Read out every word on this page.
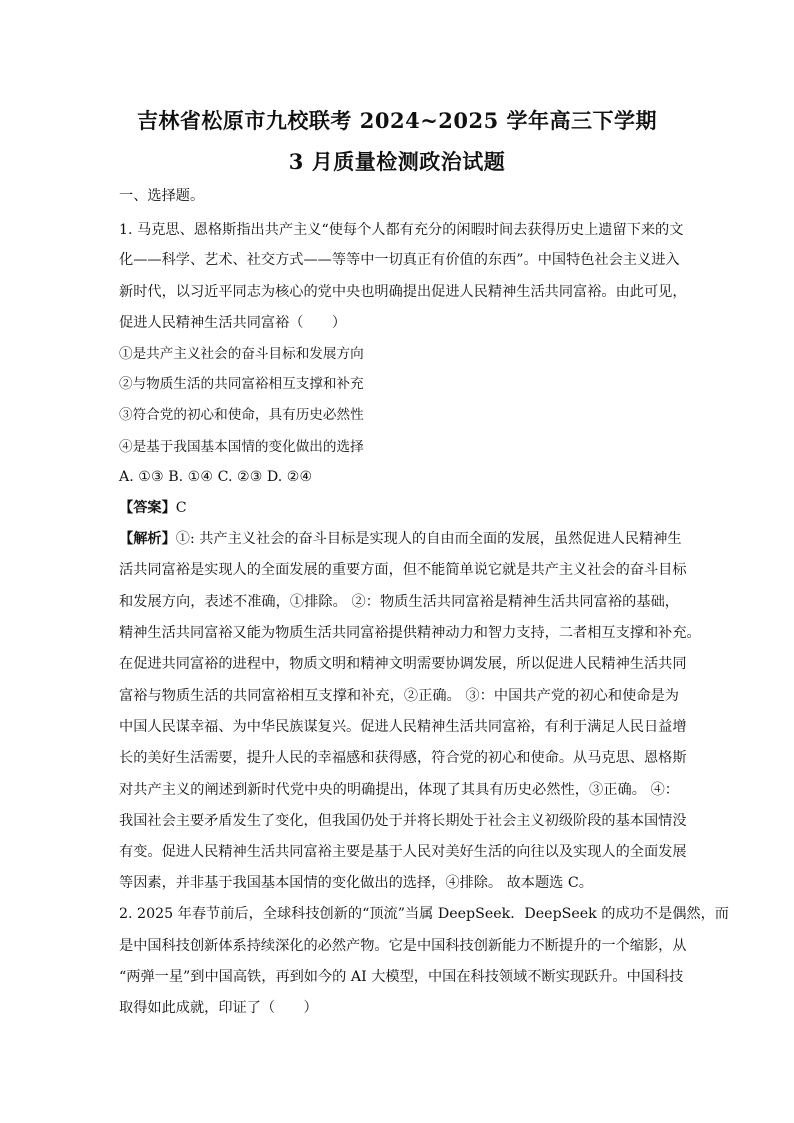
吉林省松原市九校联考 2024~2025 学年高三下学期
3 月质量检测政治试题
一、选择题。
1. 马克思、恩格斯指出共产主义“使每个人都有充分的闲暇时间去获得历史上遗留下来的文
化——科学、艺术、社交方式——等等中一切真正有价值的东西”。中国特色社会主义进入
新时代，以习近平同志为核心的党中央也明确提出促进人民精神生活共同富裕。由此可见，
促进人民精神生活共同富裕（　　）
①是共产主义社会的奋斗目标和发展方向
②与物质生活的共同富裕相互支撑和补充
③符合党的初心和使命，具有历史必然性
④是基于我国基本国情的变化做出的选择
A. ①③ B. ①④ C. ②③ D. ②④
【答案】C
【解析】①: 共产主义社会的奋斗目标是实现人的自由而全面的发展，虽然促进人民精神生
活共同富裕是实现人的全面发展的重要方面，但不能简单说它就是共产主义社会的奋斗目标
和发展方向，表述不准确，①排除。 ②：物质生活共同富裕是精神生活共同富裕的基础，
精神生活共同富裕又能为物质生活共同富裕提供精神动力和智力支持，二者相互支撑和补充。
在促进共同富裕的进程中，物质文明和精神文明需要协调发展，所以促进人民精神生活共同
富裕与物质生活的共同富裕相互支撑和补充，②正确。 ③：中国共产党的初心和使命是为
中国人民谋幸福、为中华民族谋复兴。促进人民精神生活共同富裕，有利于满足人民日益增
长的美好生活需要，提升人民的幸福感和获得感，符合党的初心和使命。从马克思、恩格斯
对共产主义的阐述到新时代党中央的明确提出，体现了其具有历史必然性，③正确。 ④：
我国社会主要矛盾发生了变化，但我国仍处于并将长期处于社会主义初级阶段的基本国情没
有变。促进人民精神生活共同富裕主要是基于人民对美好生活的向往以及实现人的全面发展
等因素，并非基于我国基本国情的变化做出的选择，④排除。 故本题选 C。
2. 2025 年春节前后，全球科技创新的“顶流”当属 DeepSeek．DeepSeek 的成功不是偶然，而
是中国科技创新体系持续深化的必然产物。它是中国科技创新能力不断提升的一个缩影，从
“两弹一星”到中国高铁，再到如今的 AI 大模型，中国在科技领域不断实现跃升。中国科技
取得如此成就，印证了（　　）
